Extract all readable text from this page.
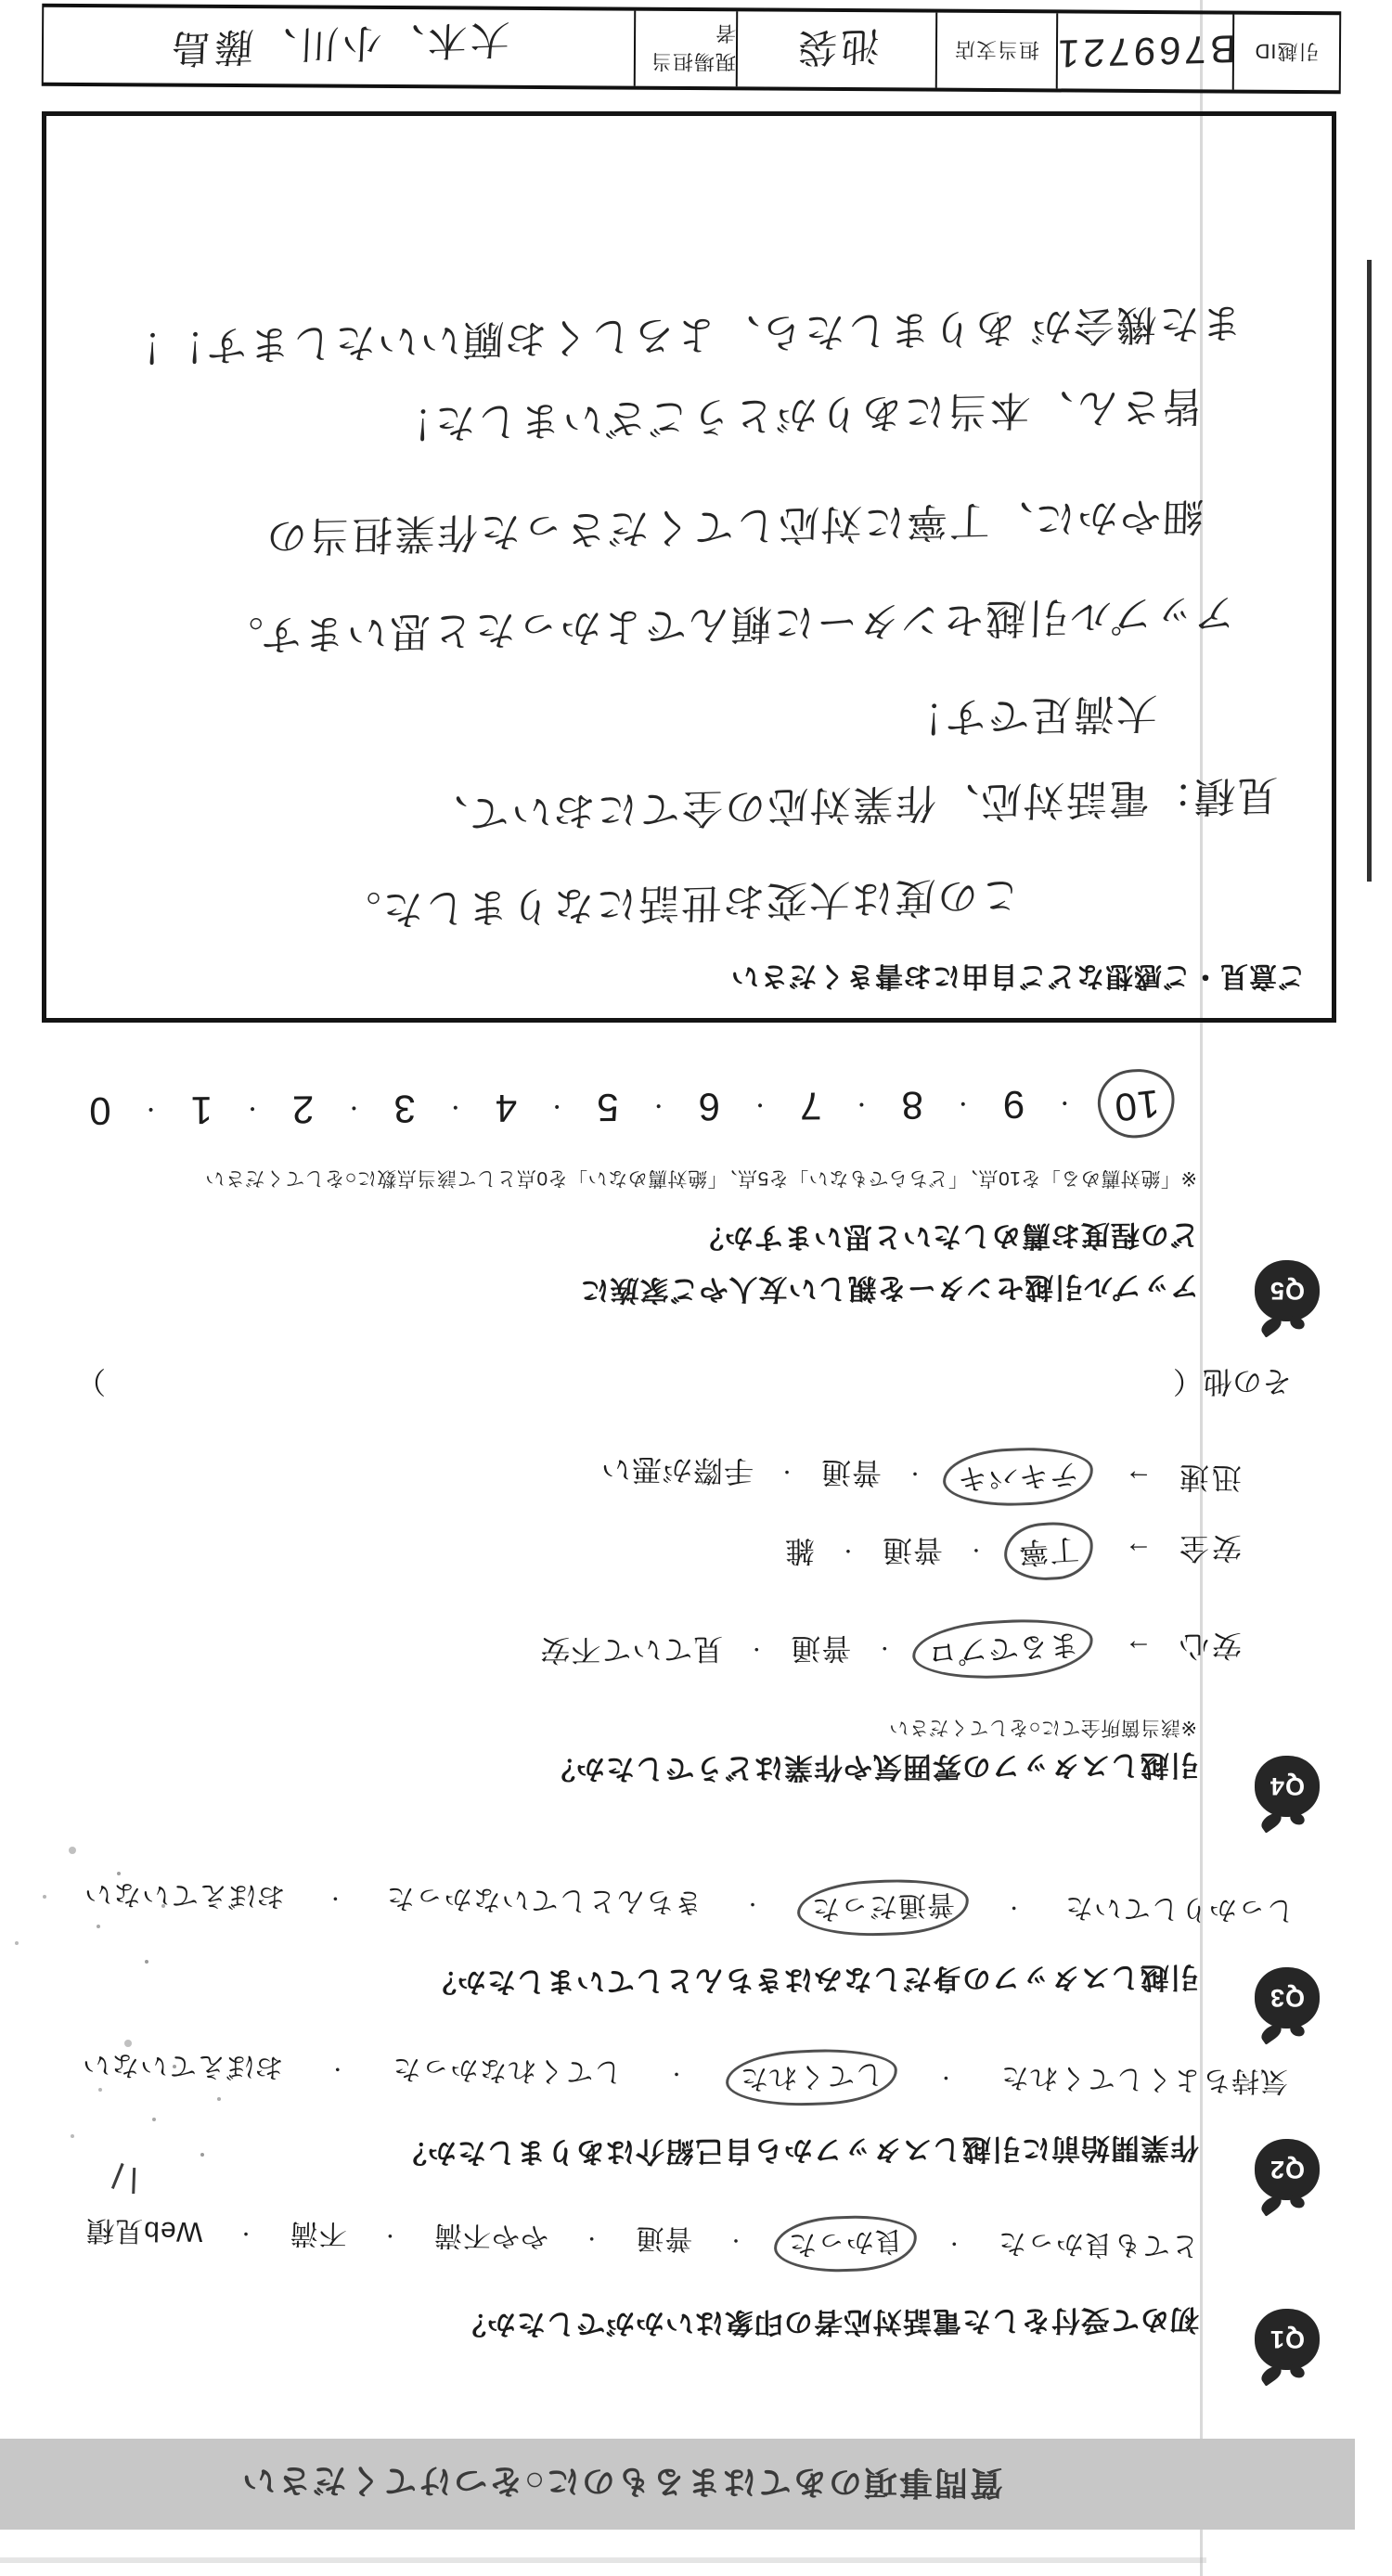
質問事項のあてはまるものに○をつけてください
Q1
初めて受付をした電話対応者の印象はいかがでしたか？
とても良かった
・
良かった
・
普通
・
やや不満
・
不満
・
Web見積
Q2
作業開始前に引越しスタッフから自己紹介はありましたか？
気持ちよくしてくれた
・
してくれた
・
してくれなかった
・
おぼえていない
Q3
引越しスタッフの身だしなみはきちんとしていましたか？
しっかりしていた
・
普通だった
・
きちんとしていなかった
・
おぼえていない
Q4
引越しスタッフの雰囲気や作業はどうでしたか？
※該当箇所全てに○をしてください
安心
→
まるでプロ
・
普通
・
見ていて不安
安全
→
丁寧
・
普通
・
雑
迅速
→
テキパキ
・
普通
・
手際が悪い
その他
（
）
Q5
アップル引越センターを親しい友人やご家族に
どの程度お薦めしたいと思いますか？
※「絶対薦める」を10点、「どちらでもない」を5点、「絶対薦めない」を0点として該当点数に○をしてください
10
・
9
・
8
・
7
・
6
・
5
・
4
・
3
・
2
・
1
・
0
ご意見・ご感想などご自由にお書きください
この度は大変お世話になりました。
見積：電話対応、作業対応の全てにおいて、
大満足です！
アップル引越センターに頼んでよかったと思います。
細やかに、丁寧に対応してくださった作業担当の
皆さん、本当にありがとうございました！
また機会が ありましたら、よろしくお願いいたします！！
引越ID
B769721
担当支店
池袋
現場担当者
大木、小川、藤島
